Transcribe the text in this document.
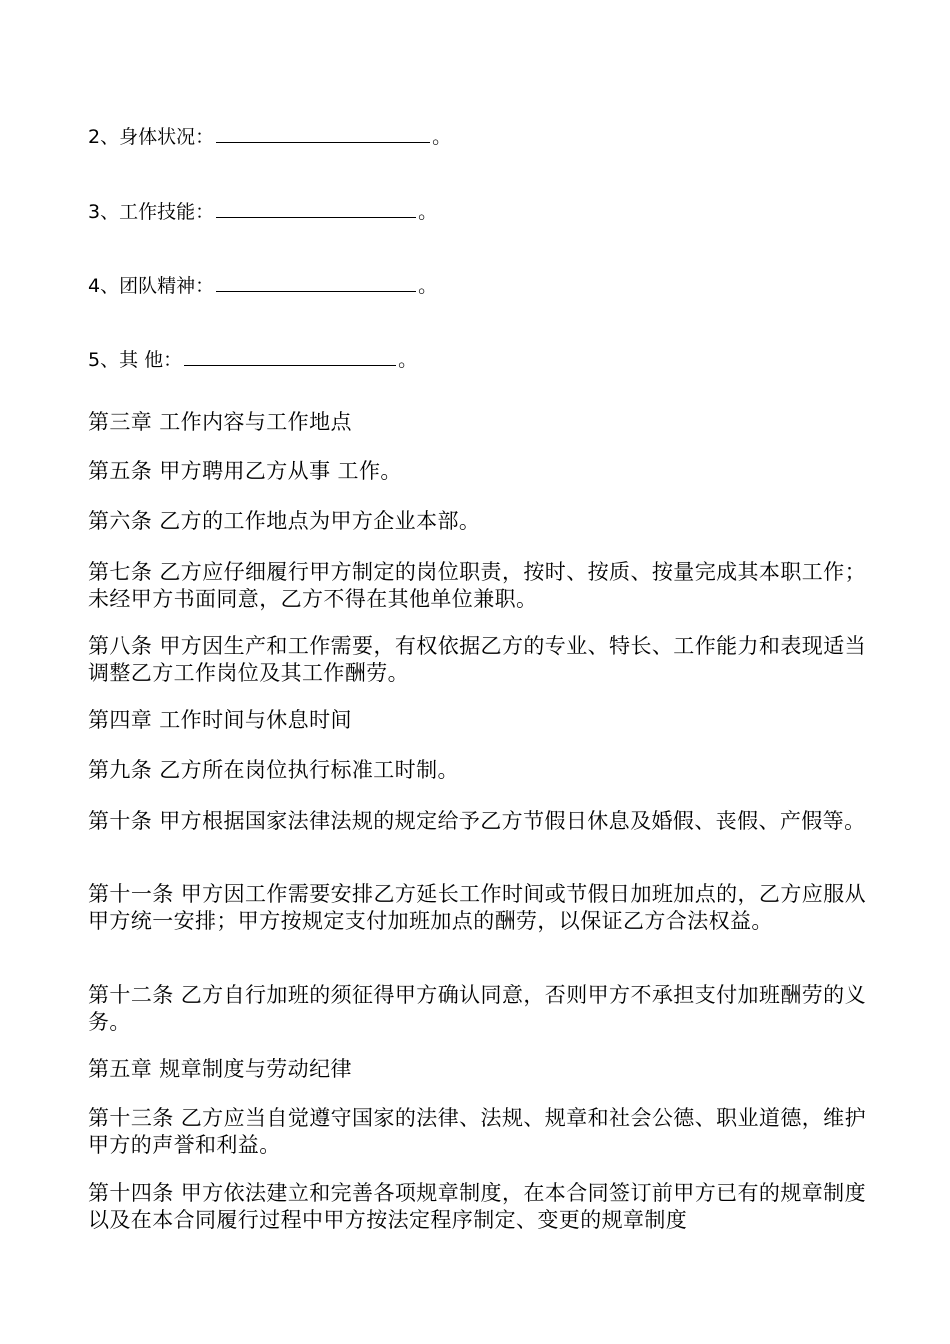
2、身体状况：	。
3、工作技能：	。
4、团队精神：	。
5、其 他：	。
第三章 工作内容与工作地点
第五条 甲方聘用乙方从事 工作。
第六条 乙方的工作地点为甲方企业本部。
第七条 乙方应仔细履行甲方制定的岗位职责，按时、按质、按量完成其本职工作；未经甲方书面同意，乙方不得在其他单位兼职。
第八条 甲方因生产和工作需要，有权依据乙方的专业、特长、工作能力和表现适当调整乙方工作岗位及其工作酬劳。
第四章 工作时间与休息时间
第九条 乙方所在岗位执行标准工时制。
第十条 甲方根据国家法律法规的规定给予乙方节假日休息及婚假、丧假、产假等。
第十一条 甲方因工作需要安排乙方延长工作时间或节假日加班加点的，乙方应服从甲方统一安排；甲方按规定支付加班加点的酬劳，以保证乙方合法权益。
第十二条 乙方自行加班的须征得甲方确认同意，否则甲方不承担支付加班酬劳的义务。
第五章 规章制度与劳动纪律
第十三条 乙方应当自觉遵守国家的法律、法规、规章和社会公德、职业道德，维护甲方的声誉和利益。
第十四条 甲方依法建立和完善各项规章制度，在本合同签订前甲方已有的规章制度以及在本合同履行过程中甲方按法定程序制定、变更的规章制度
